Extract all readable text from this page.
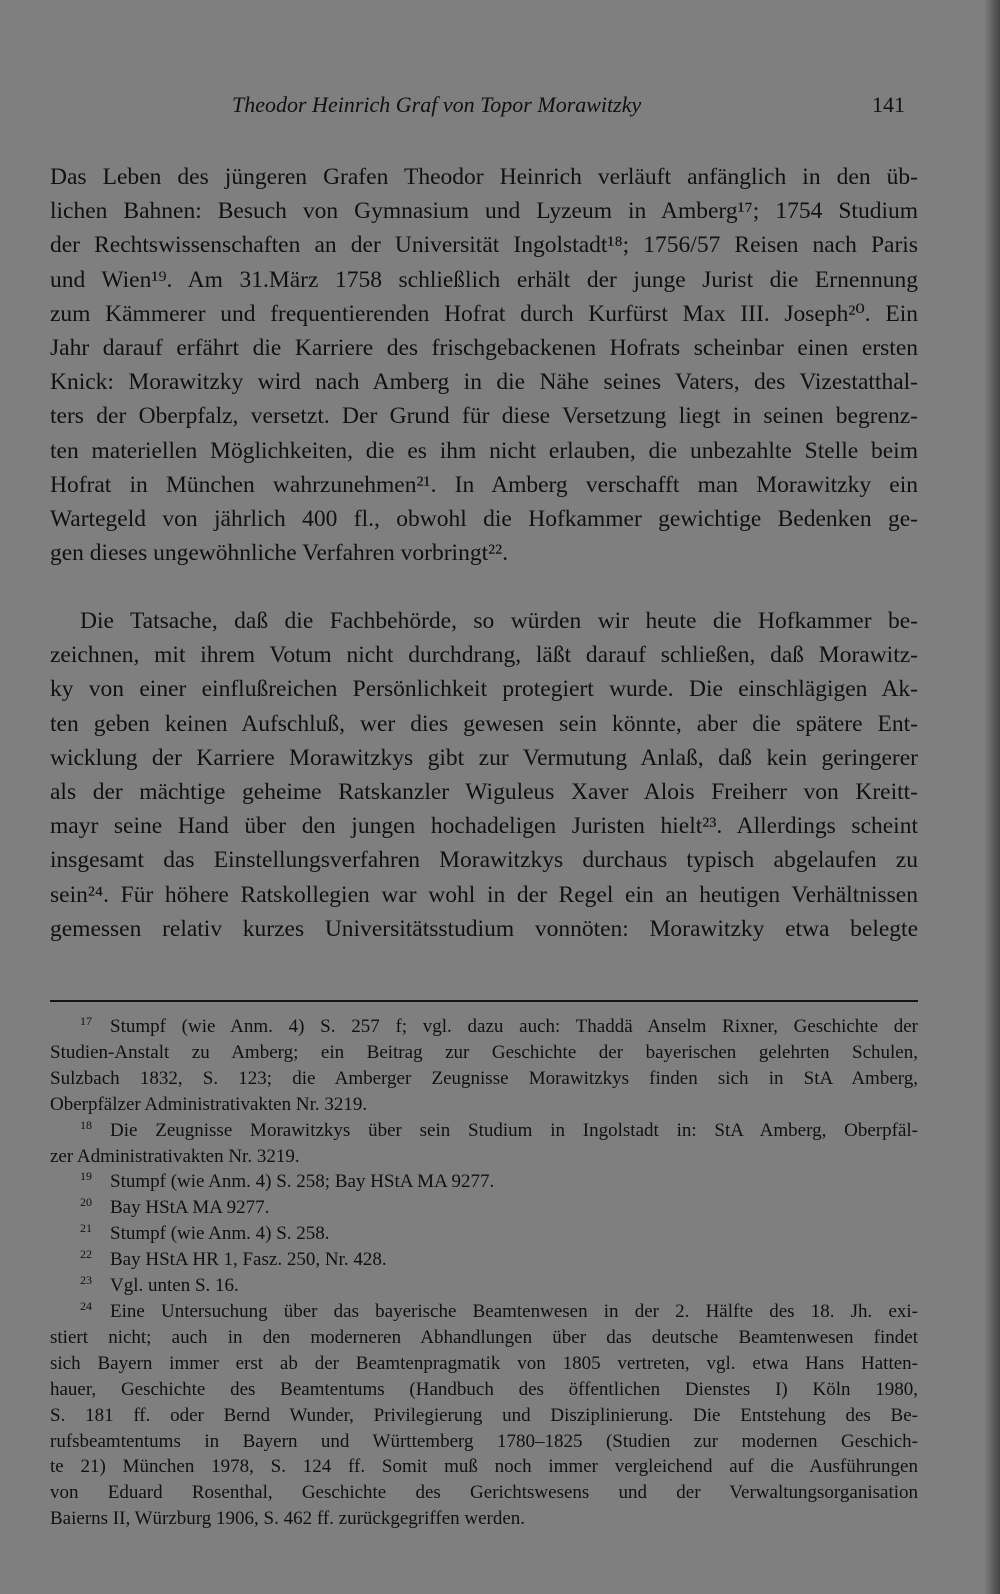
Theodor Heinrich Graf von Topor Morawitzky	141
Das Leben des jüngeren Grafen Theodor Heinrich verläuft anfänglich in den üb-
lichen Bahnen: Besuch von Gymnasium und Lyzeum in Amberg¹⁷; 1754 Studium
der Rechtswissenschaften an der Universität Ingolstadt¹⁸; 1756/57 Reisen nach Paris
und Wien¹⁹. Am 31.März 1758 schließlich erhält der junge Jurist die Ernennung
zum Kämmerer und frequentierenden Hofrat durch Kurfürst Max III. Joseph²⁰. Ein
Jahr darauf erfährt die Karriere des frischgebackenen Hofrats scheinbar einen ersten
Knick: Morawitzky wird nach Amberg in die Nähe seines Vaters, des Vizestatthal-
ters der Oberpfalz, versetzt. Der Grund für diese Versetzung liegt in seinen begrenz-
ten materiellen Möglichkeiten, die es ihm nicht erlauben, die unbezahlte Stelle beim
Hofrat in München wahrzunehmen²¹. In Amberg verschafft man Morawitzky ein
Wartegeld von jährlich 400 fl., obwohl die Hofkammer gewichtige Bedenken ge-
gen dieses ungewöhnliche Verfahren vorbringt²².
Die Tatsache, daß die Fachbehörde, so würden wir heute die Hofkammer be-
zeichnen, mit ihrem Votum nicht durchdrang, läßt darauf schließen, daß Morawitz-
ky von einer einflußreichen Persönlichkeit protegiert wurde. Die einschlägigen Ak-
ten geben keinen Aufschluß, wer dies gewesen sein könnte, aber die spätere Ent-
wicklung der Karriere Morawitzkys gibt zur Vermutung Anlaß, daß kein geringerer
als der mächtige geheime Ratskanzler Wiguleus Xaver Alois Freiherr von Kreitt-
mayr seine Hand über den jungen hochadeligen Juristen hielt²³. Allerdings scheint
insgesamt das Einstellungsverfahren Morawitzkys durchaus typisch abgelaufen zu
sein²⁴. Für höhere Ratskollegien war wohl in der Regel ein an heutigen Verhältnissen
gemessen relativ kurzes Universitätsstudium vonnöten: Morawitzky etwa belegte
17 Stumpf (wie Anm. 4) S. 257 f; vgl. dazu auch: Thaddä Anselm Rixner, Geschichte der
Studien-Anstalt zu Amberg; ein Beitrag zur Geschichte der bayerischen gelehrten Schulen,
Sulzbach 1832, S. 123; die Amberger Zeugnisse Morawitzkys finden sich in StA Amberg,
Oberpfälzer Administrativakten Nr. 3219.
18 Die Zeugnisse Morawitzkys über sein Studium in Ingolstadt in: StA Amberg, Oberpfäl-
zer Administrativakten Nr. 3219.
19 Stumpf (wie Anm. 4) S. 258; Bay HStA MA 9277.
20 Bay HStA MA 9277.
21 Stumpf (wie Anm. 4) S. 258.
22 Bay HStA HR 1, Fasz. 250, Nr. 428.
23 Vgl. unten S. 16.
24 Eine Untersuchung über das bayerische Beamtenwesen in der 2. Hälfte des 18. Jh. exi-
stiert nicht; auch in den moderneren Abhandlungen über das deutsche Beamtenwesen findet
sich Bayern immer erst ab der Beamtenpragmatik von 1805 vertreten, vgl. etwa Hans Hatten-
hauer, Geschichte des Beamtentums (Handbuch des öffentlichen Dienstes I) Köln 1980,
S. 181 ff. oder Bernd Wunder, Privilegierung und Disziplinierung. Die Entstehung des Be-
rufsbeamtentums in Bayern und Württemberg 1780–1825 (Studien zur modernen Geschich-
te 21) München 1978, S. 124 ff. Somit muß noch immer vergleichend auf die Ausführungen
von Eduard Rosenthal, Geschichte des Gerichtswesens und der Verwaltungsorganisation
Baierns II, Würzburg 1906, S. 462 ff. zurückgegriffen werden.
